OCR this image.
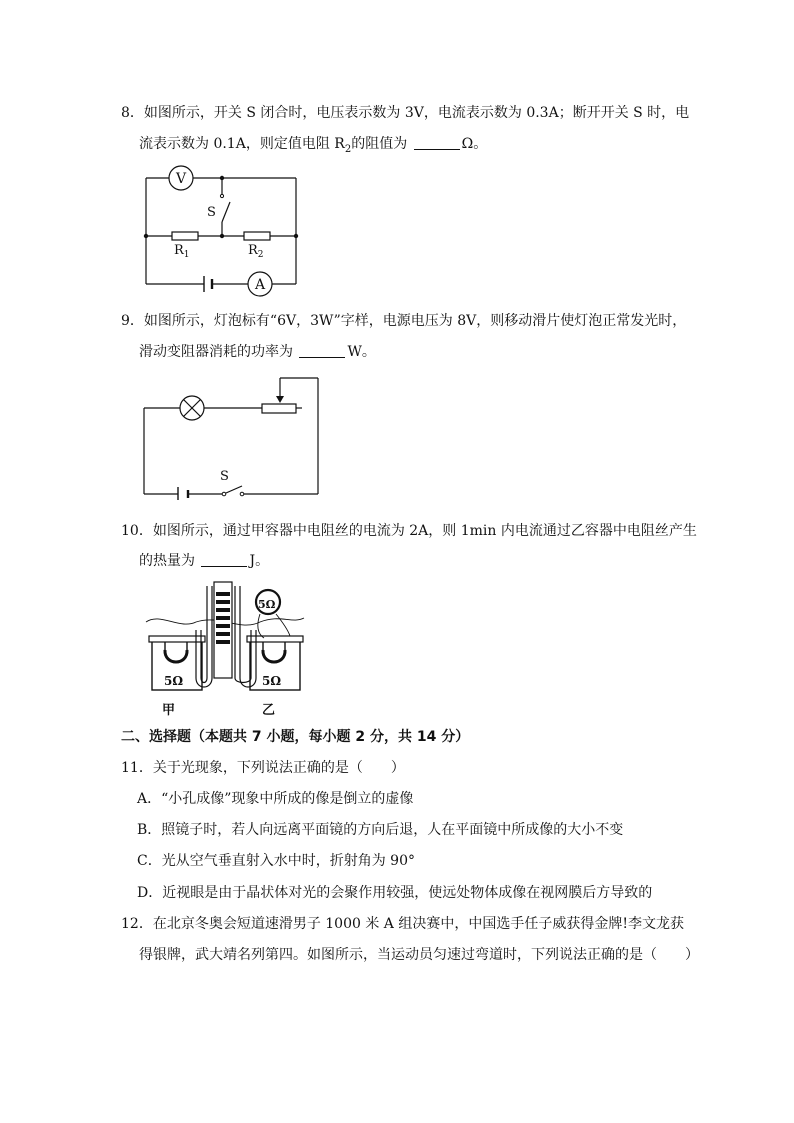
8．如图所示，开关 S 闭合时，电压表示数为 3V，电流表示数为 0.3A；断开开关 S 时，电
流表示数为 0.1A，则定值电阻 $R_2$的阻值为	Ω。
V
A
S
$R_1$	$R_2$
9．如图所示，灯泡标有“6V，3W”字样，电源电压为 8V，则移动滑片使灯泡正常发光时，
滑动变阻器消耗的功率为	W。
S
10．如图所示，通过甲容器中电阻丝的电流为 2A，则 1min 内电流通过乙容器中电阻丝产生
的热量为	J。
5Ω	5Ω
5Ω
甲	乙
二、选择题（本题共 7 小题，每小题 2 分，共 14 分）
11．关于光现象，下列说法正确的是（　　）
A．“小孔成像”现象中所成的像是倒立的虚像
B．照镜子时，若人向远离平面镜的方向后退，人在平面镜中所成像的大小不变
C．光从空气垂直射入水中时，折射角为 90°
D．近视眼是由于晶状体对光的会聚作用较强，使远处物体成像在视网膜后方导致的
12．在北京冬奥会短道速滑男子 1000 米 A 组决赛中，中国选手任子威获得金牌!李文龙获
得银牌，武大靖名列第四。如图所示，当运动员匀速过弯道时，下列说法正确的是（　　）
